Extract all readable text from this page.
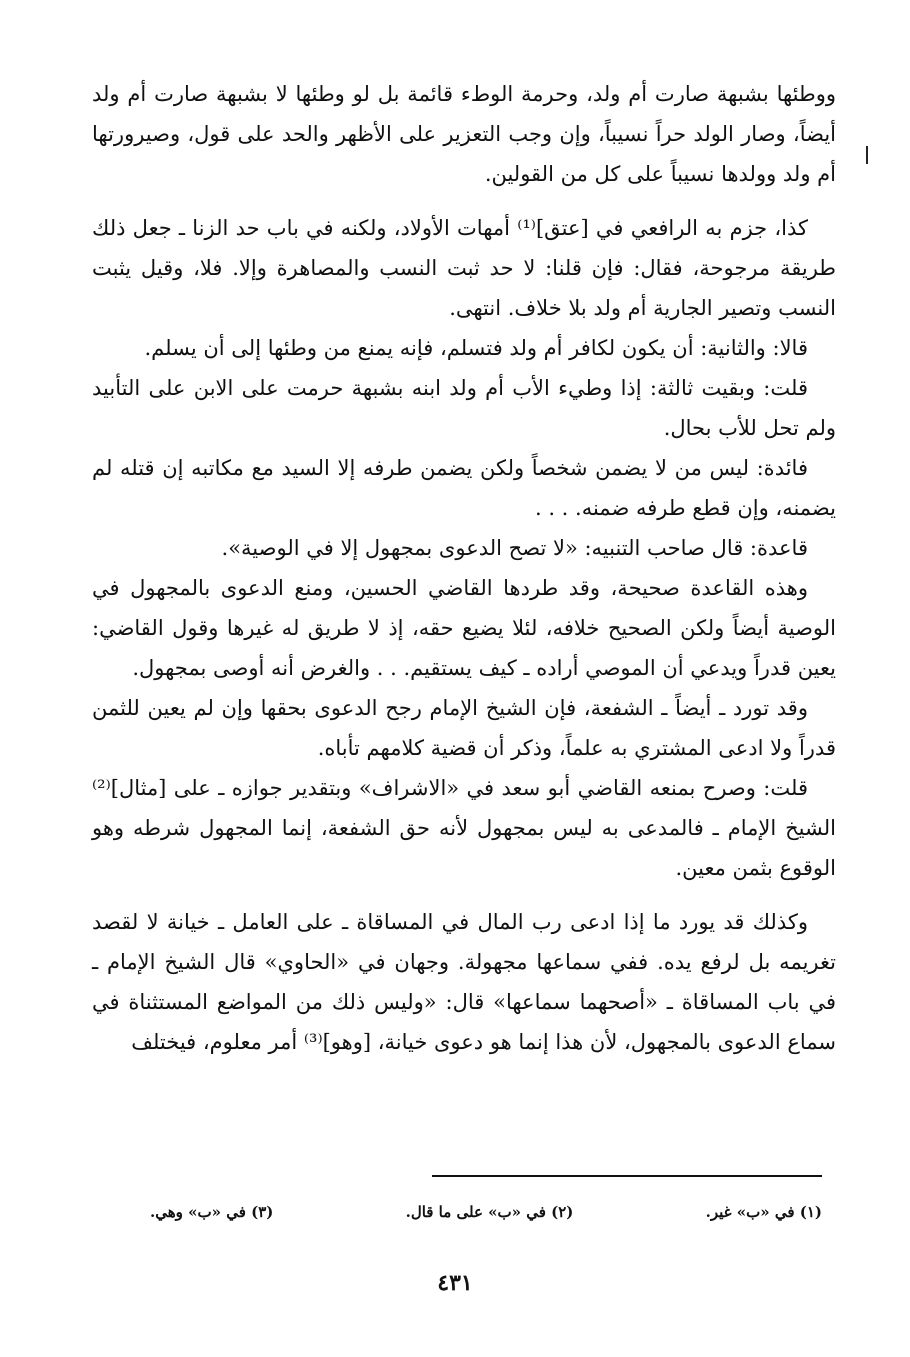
ووطئها بشبهة صارت أم ولد، وحرمة الوطء قائمة بل لو وطئها لا بشبهة صارت أم ولد أيضاً، وصار الولد حراً نسيباً، وإن وجب التعزير على الأظهر والحد على قول، وصيرورتها أم ولد وولدها نسيباً على كل من القولين.

كذا، جزم به الرافعي في [عتق]⁽¹⁾ أمهات الأولاد، ولكنه في باب حد الزنا ـ جعل ذلك طريقة مرجوحة، فقال: فإن قلنا: لا حد ثبت النسب والمصاهرة وإلا. فلا، وقيل يثبت النسب وتصير الجارية أم ولد بلا خلاف. انتهى.

قالا: والثانية: أن يكون لكافر أم ولد فتسلم، فإنه يمنع من وطئها إلى أن يسلم.

قلت: وبقيت ثالثة: إذا وطيء الأب أم ولد ابنه بشبهة حرمت على الابن على التأبيد ولم تحل للأب بحال.

فائدة: ليس من لا يضمن شخصاً ولكن يضمن طرفه إلا السيد مع مكاتبه إن قتله لم يضمنه، وإن قطع طرفه ضمنه. . . .

قاعدة: قال صاحب التنبيه: «لا تصح الدعوى بمجهول إلا في الوصية».

وهذه القاعدة صحيحة، وقد طردها القاضي الحسين، ومنع الدعوى بالمجهول في الوصية أيضاً ولكن الصحيح خلافه، لئلا يضيع حقه، إذ لا طريق له غيرها وقول القاضي: يعين قدراً ويدعي أن الموصي أراده ـ كيف يستقيم. . . والغرض أنه أوصى بمجهول.

وقد تورد ـ أيضاً ـ الشفعة، فإن الشيخ الإمام رجح الدعوى بحقها وإن لم يعين للثمن قدراً ولا ادعى المشتري به علماً، وذكر أن قضية كلامهم تأباه.

قلت: وصرح بمنعه القاضي أبو سعد في «الاشراف» وبتقدير جوازه ـ على [مثال]⁽²⁾ الشيخ الإمام ـ فالمدعى به ليس بمجهول لأنه حق الشفعة، إنما المجهول شرطه وهو الوقوع بثمن معين.

وكذلك قد يورد ما إذا ادعى رب المال في المساقاة ـ على العامل ـ خيانة لا لقصد تغريمه بل لرفع يده. ففي سماعها مجهولة. وجهان في «الحاوي» قال الشيخ الإمام ـ في باب المساقاة ـ «أصحهما سماعها» قال: «وليس ذلك من المواضع المستثناة في سماع الدعوى بالمجهول، لأن هذا إنما هو دعوى خيانة، [وهو]⁽³⁾ أمر معلوم، فيختلف

(١) في «ب» غير.
(٢) في «ب» على ما قال.
(٣) في «ب» وهي.
٤٣١
